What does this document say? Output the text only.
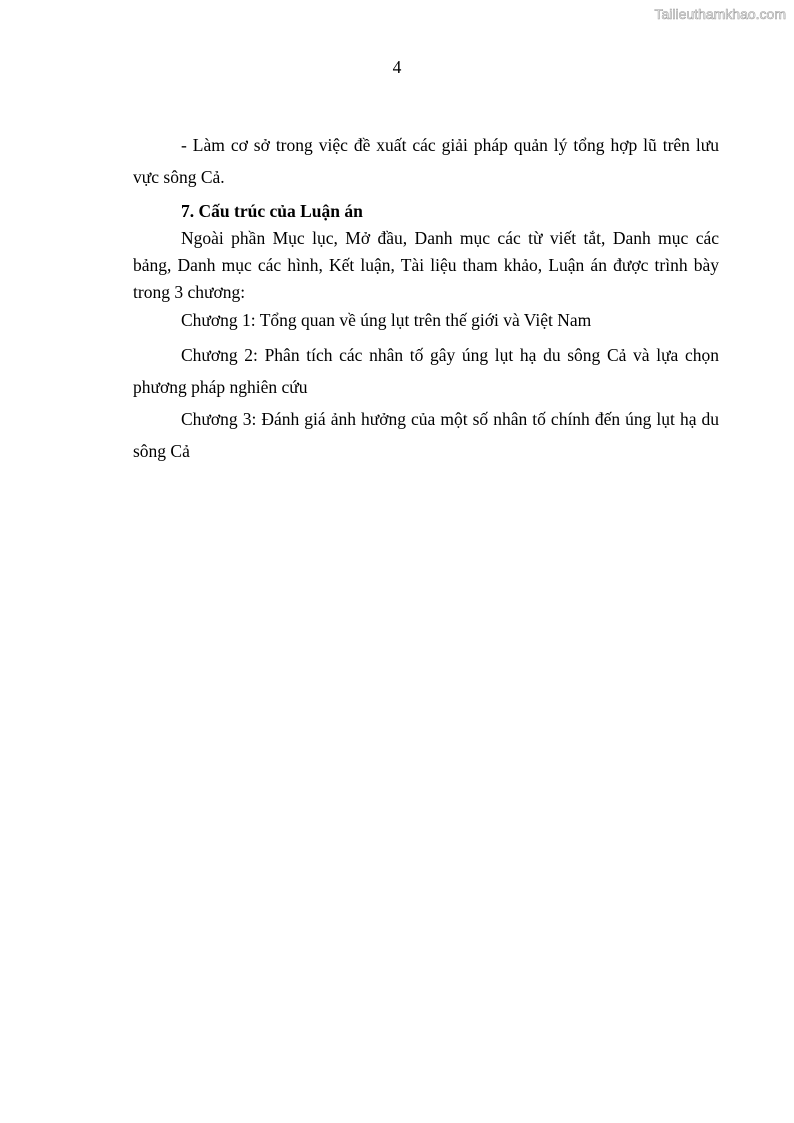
Tailieuthamkhao.com
4

- Làm cơ sở trong việc đề xuất các giải pháp quản lý tổng hợp lũ trên lưu vực sông Cả.

7. Cấu trúc của Luận án

Ngoài phần Mục lục, Mở đầu, Danh mục các từ viết tắt, Danh mục các bảng, Danh mục các hình, Kết luận, Tài liệu tham khảo, Luận án được trình bày trong 3 chương:

Chương 1: Tổng quan về úng lụt trên thế giới và Việt Nam

Chương 2: Phân tích các nhân tố gây úng lụt hạ du sông Cả và lựa chọn phương pháp nghiên cứu

Chương 3: Đánh giá ảnh hưởng của một số nhân tố chính đến úng lụt hạ du sông Cả
